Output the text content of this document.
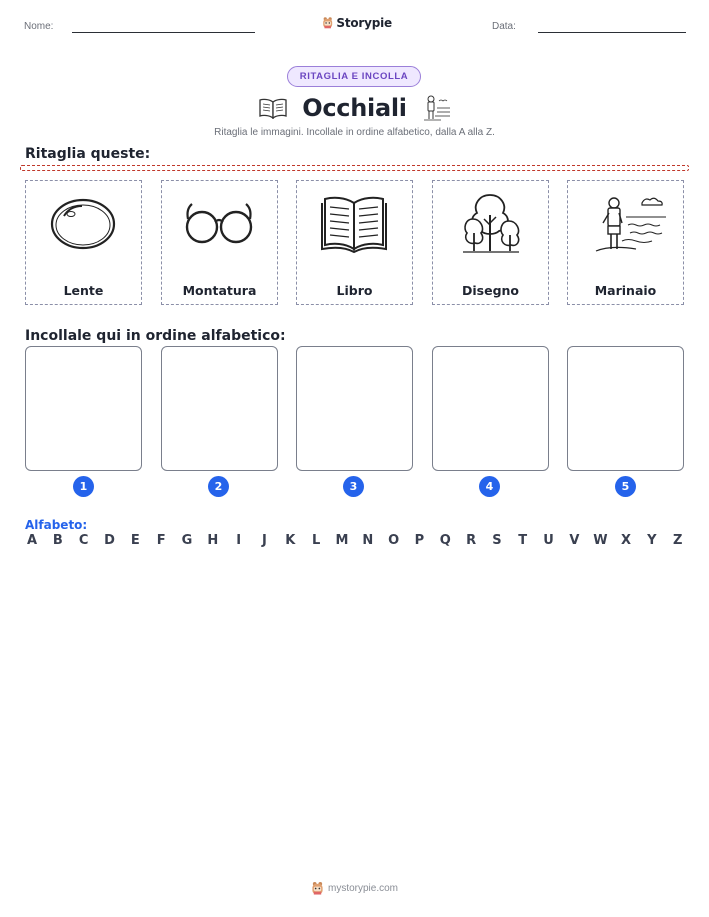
Nome:	Storypie	Data:
RITAGLIA E INCOLLA
Occhiali
Ritaglia le immagini. Incollale in ordine alfabetico, dalla A alla Z.
Ritaglia queste:
Lente	Montatura	Libro	Disegno	Marinaio
Incollale qui in ordine alfabetico:
1	2	3	4	5
Alfabeto:
A B C D E F G H	I	J	K L M N O P Q R S T U V W X Y Z
mystorypie.com
